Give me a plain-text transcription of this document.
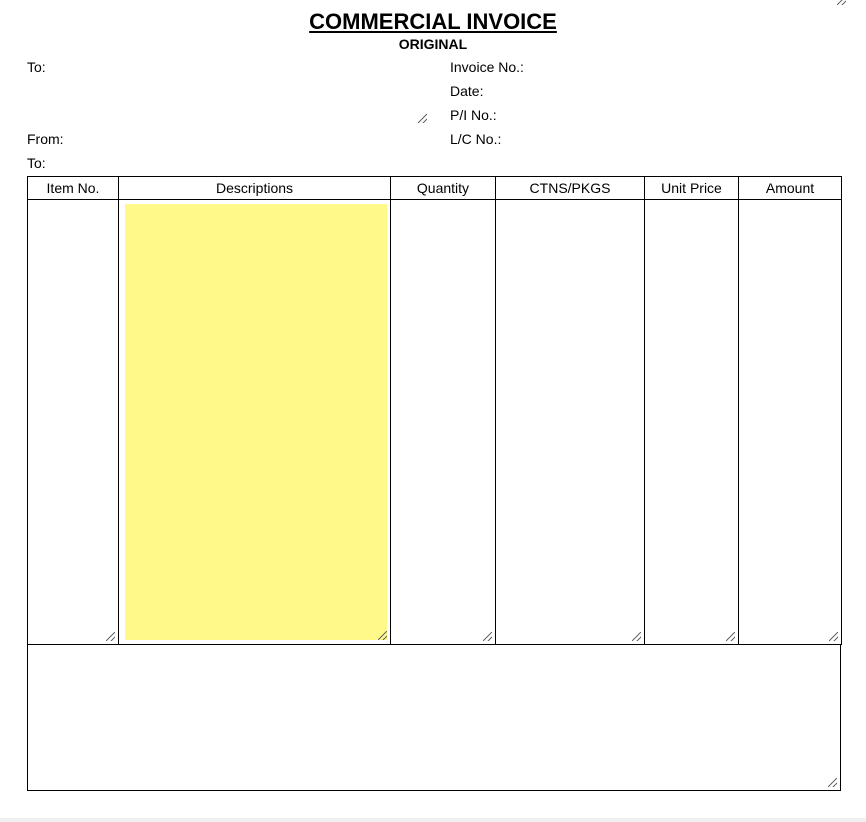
COMMERCIAL INVOICE
ORIGINAL
To:
From:
To:
Invoice No.:
Date:
P/I No.:
L/C No.:
Item No.	Descriptions	Quantity	CTNS/PKGS	Unit Price	Amount
